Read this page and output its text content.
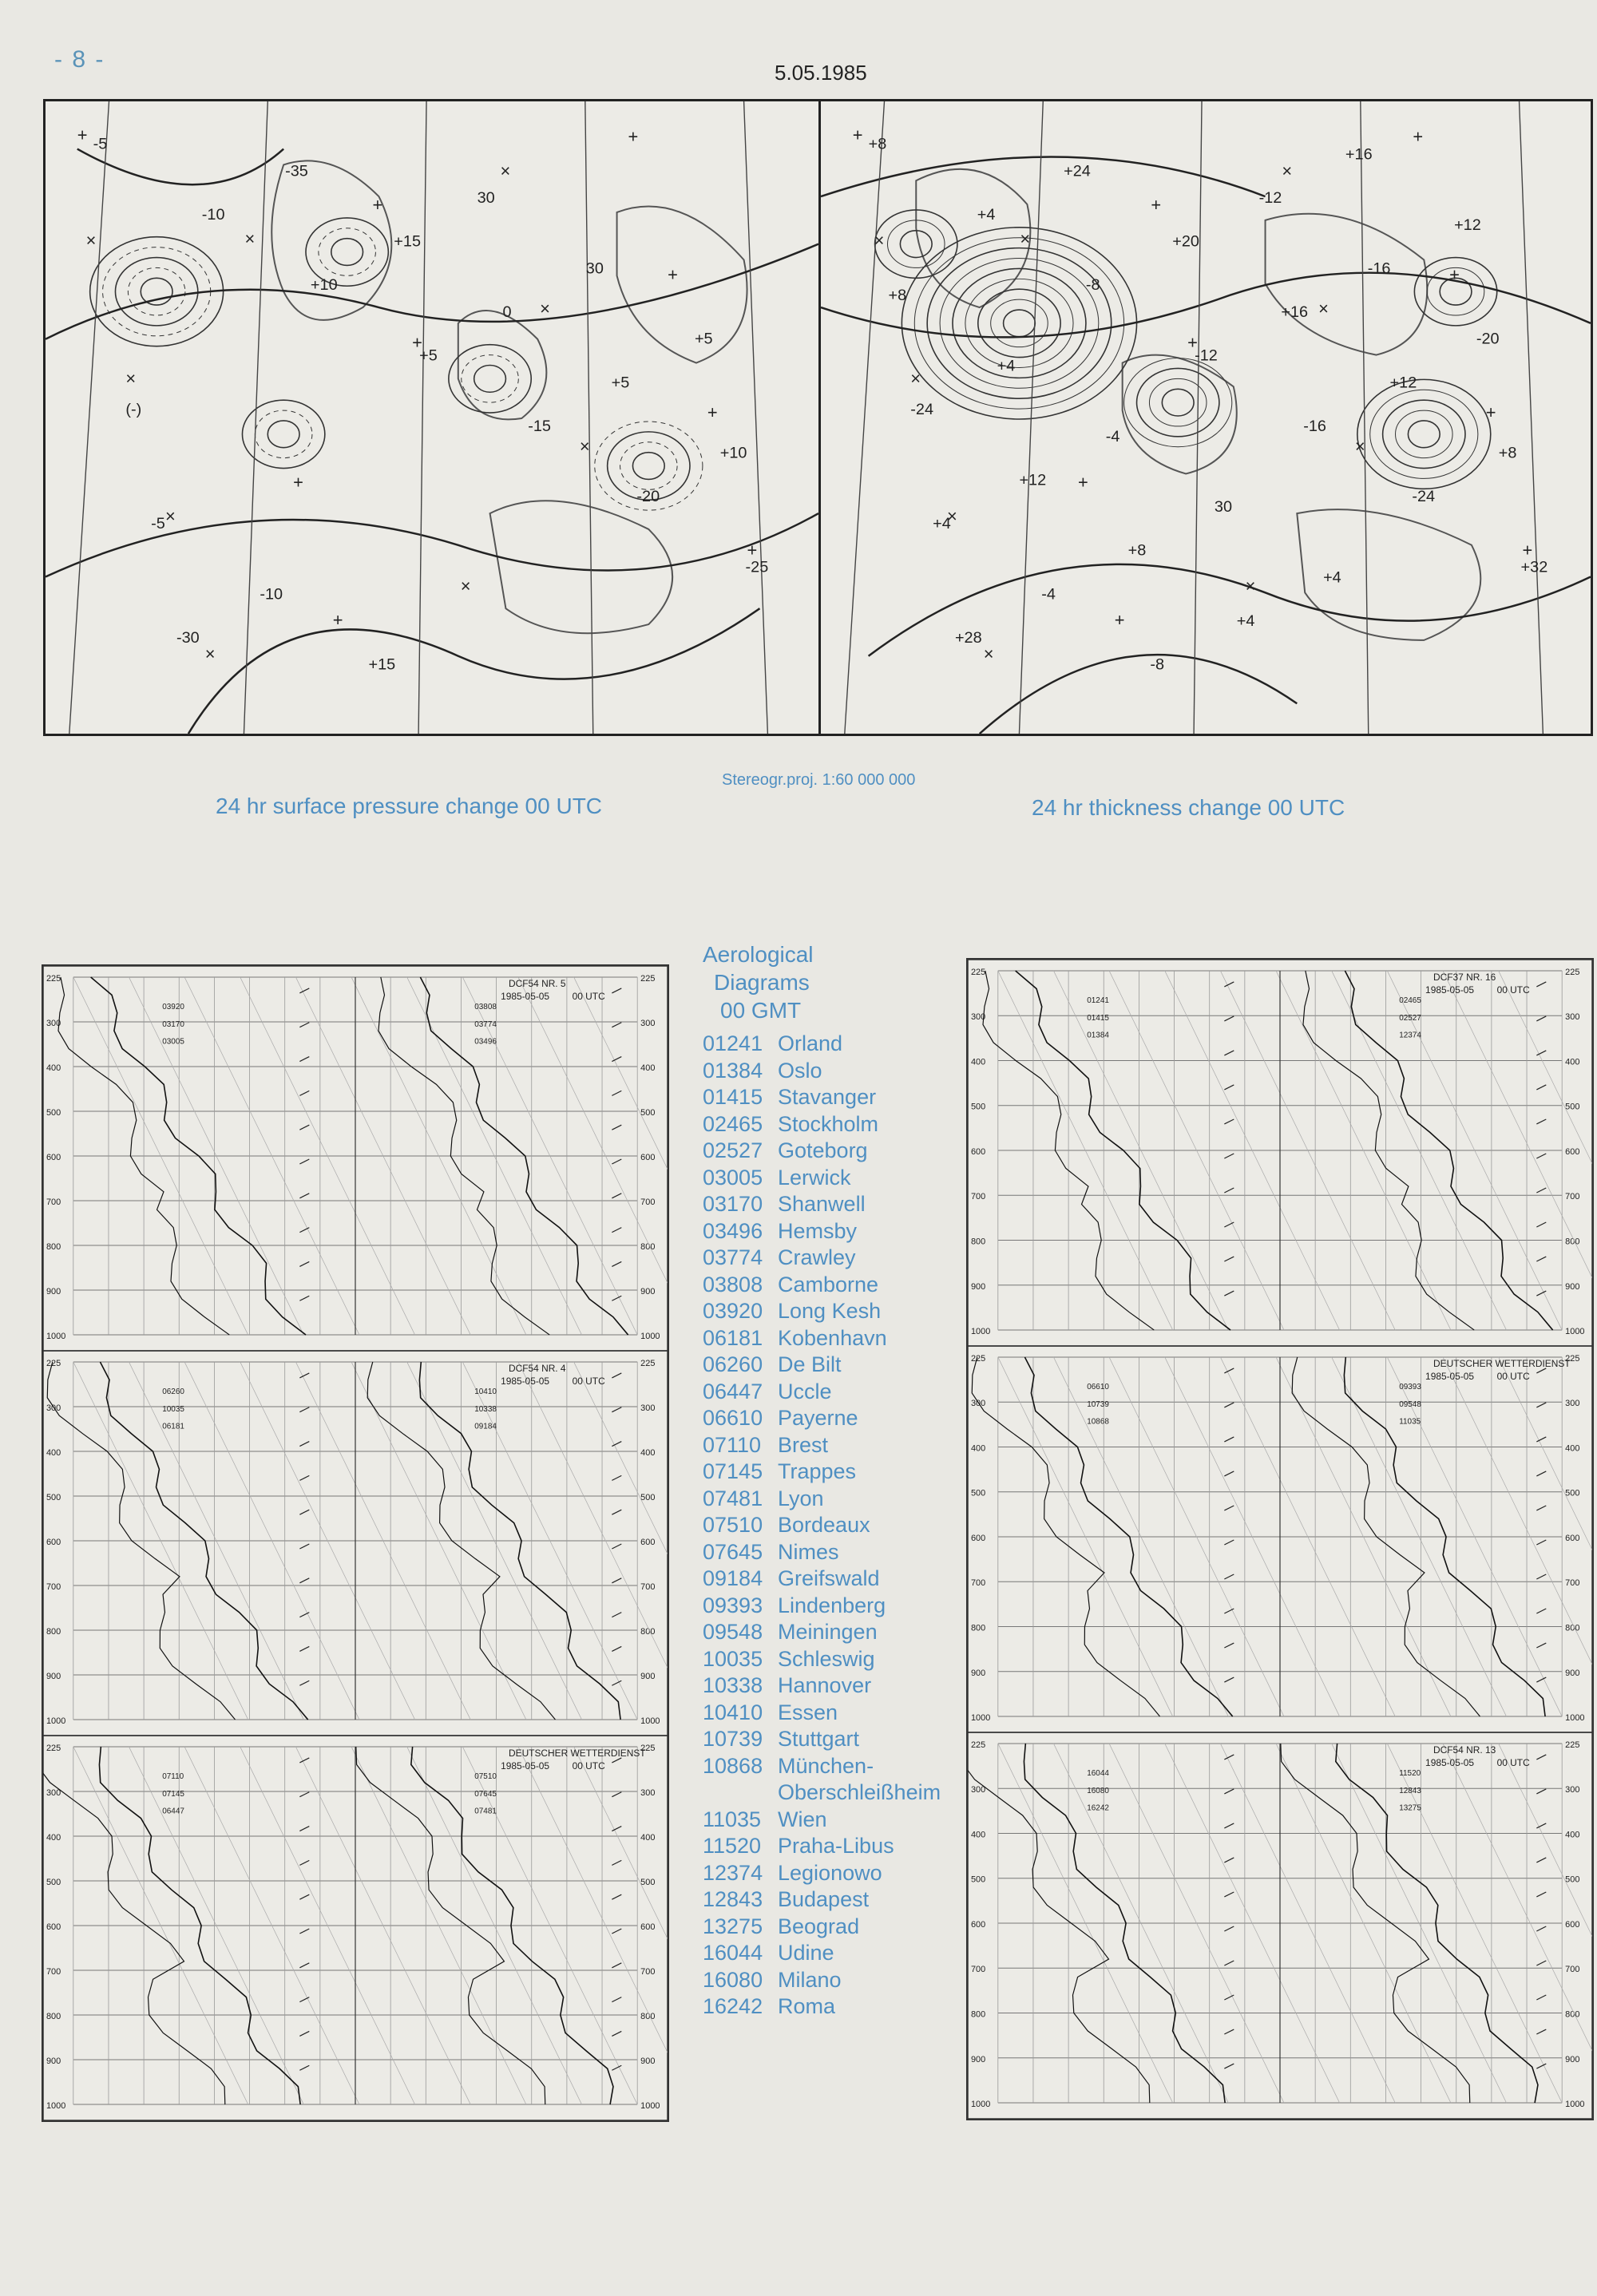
- 8 -	5.05.1985
-5
-10
+10
+5
-15
-20
-25
-30
-35
+15
0
+5
+10
-5
-10
+15
30
30
+5
(-)
+
×
+
×
+
×
+
×
+
×
+
×
+
×
+
×
+
×
+8
+4
-8
-12
-16
-24
+32
+28
+24
+20
+16
+12
+8
+4
-4
-8
-12
-16
-20
-24
+12
+8
+4
+16
+12
+8
+4
-4
30
+4
+
×
+
×
+
×
+
×
+
×
+
×
+
×
+
×
+
×
24 hr surface pressure change 00 UTC
Stereogr.proj. 1:60 000 000
24 hr thickness change 00 UTC
225	225
300	300
400	400
500	500
600	600
700	700
800	800
900	900
1000	1000
DCF54 NR. 5
1985-05-05 00 UTC
03920
03170
03005
03808
03774
03496
225	225
300	300
400	400
500	500
600	600
700	700
800	800
900	900
1000	1000
DCF54 NR. 4
1985-05-05 00 UTC
06260
10035
06181
10410
10338
09184
225	225
300	300
400	400
500	500
600	600
700	700
800	800
900	900
1000	1000
DEUTSCHER WETTERDIENST
1985-05-05 00 UTC
07110
07145
06447
07510
07645
07481
225	225
300	300
400	400
500	500
600	600
700	700
800	800
900	900
1000	1000
DCF37 NR. 16
1985-05-05 00 UTC
01241
01415
01384
02465
02527
12374
225	225
300	300
400	400
500	500
600	600
700	700
800	800
900	900
1000	1000
DEUTSCHER WETTERDIENST
1985-05-05 00 UTC
06610
10739
10868
09393
09548
11035
225	225
300	300
400	400
500	500
600	600
700	700
800	800
900	900
1000	1000
DCF54 NR. 13
1985-05-05 00 UTC
16044
16080
16242
11520
12843
13275
Aerological
Diagrams
00 GMT
01241 Orland
01384 Oslo
01415 Stavanger
02465 Stockholm
02527 Goteborg
03005 Lerwick
03170 Shanwell
03496 Hemsby
03774 Crawley
03808 Camborne
03920 Long Kesh
06181 Kobenhavn
06260 De Bilt
06447 Uccle
06610 Payerne
07110 Brest
07145 Trappes
07481 Lyon
07510 Bordeaux
07645 Nimes
09184 Greifswald
09393 Lindenberg
09548 Meiningen
10035 Schleswig
10338 Hannover
10410 Essen
10739 Stuttgart
10868 München-
Oberschleißheim
11035 Wien
11520 Praha-Libus
12374 Legionowo
12843 Budapest
13275 Beograd
16044 Udine
16080 Milano
16242 Roma
